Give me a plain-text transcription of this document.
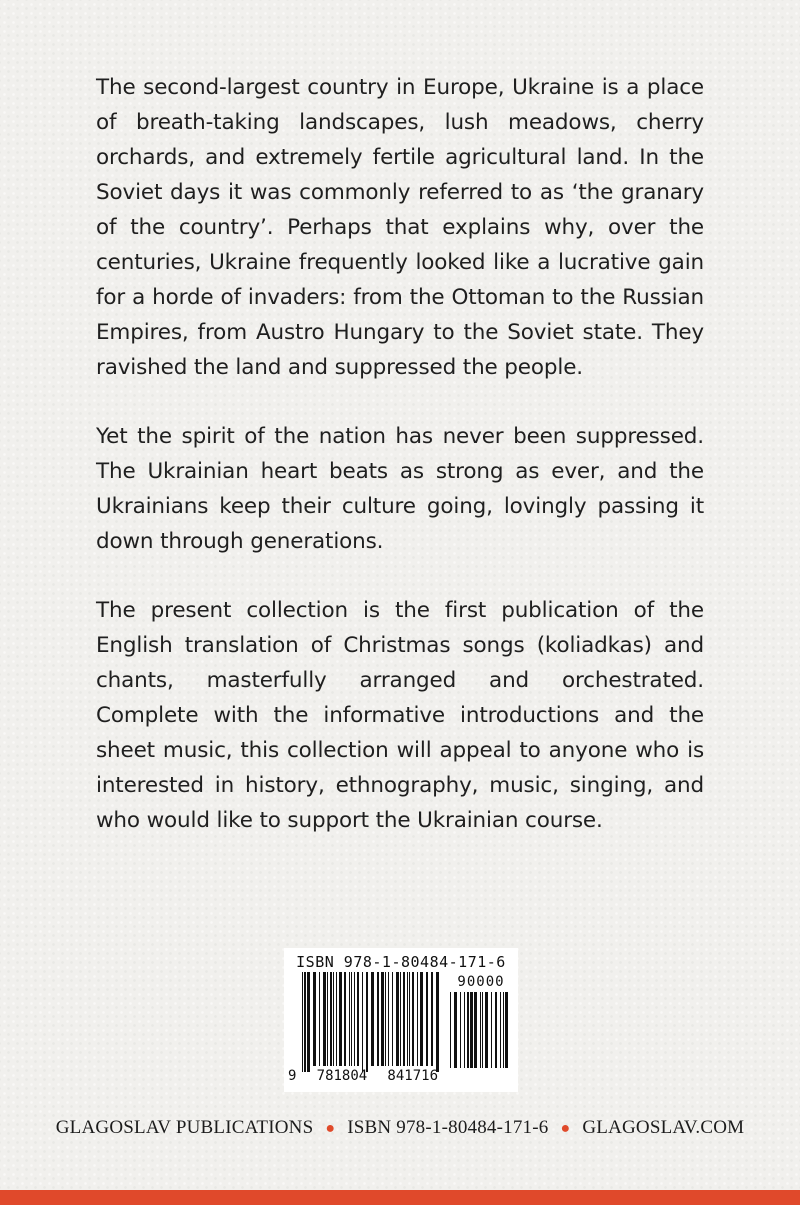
The second-largest country in Europe, Ukraine is a place of breath-taking landscapes, lush meadows, cherry orchards, and extremely fertile agricultural land. In the Soviet days it was commonly referred to as ‘the granary of the country’. Perhaps that explains why, over the centuries, Ukraine frequently looked like a lucrative gain for a horde of invaders: from the Ottoman to the Russian Empires, from Austro Hungary to the Soviet state. They ravished the land and suppressed the people.

Yet the spirit of the nation has never been suppressed. The Ukrainian heart beats as strong as ever, and the Ukrainians keep their culture going, lovingly passing it down through generations.

The present collection is the first publication of the English translation of Christmas songs (koliadkas) and chants, masterfully arranged and orchestrated. Complete with the informative introductions and the sheet music, this collection will appeal to anyone who is interested in history, ethnography, music, singing, and who would like to support the Ukrainian course.

ISBN 978-1-80484-171-6
90000
9 781804 841716
GLAGOSLAV PUBLICATIONS ● ISBN 978-1-80484-171-6 ● GLAGOSLAV.COM
